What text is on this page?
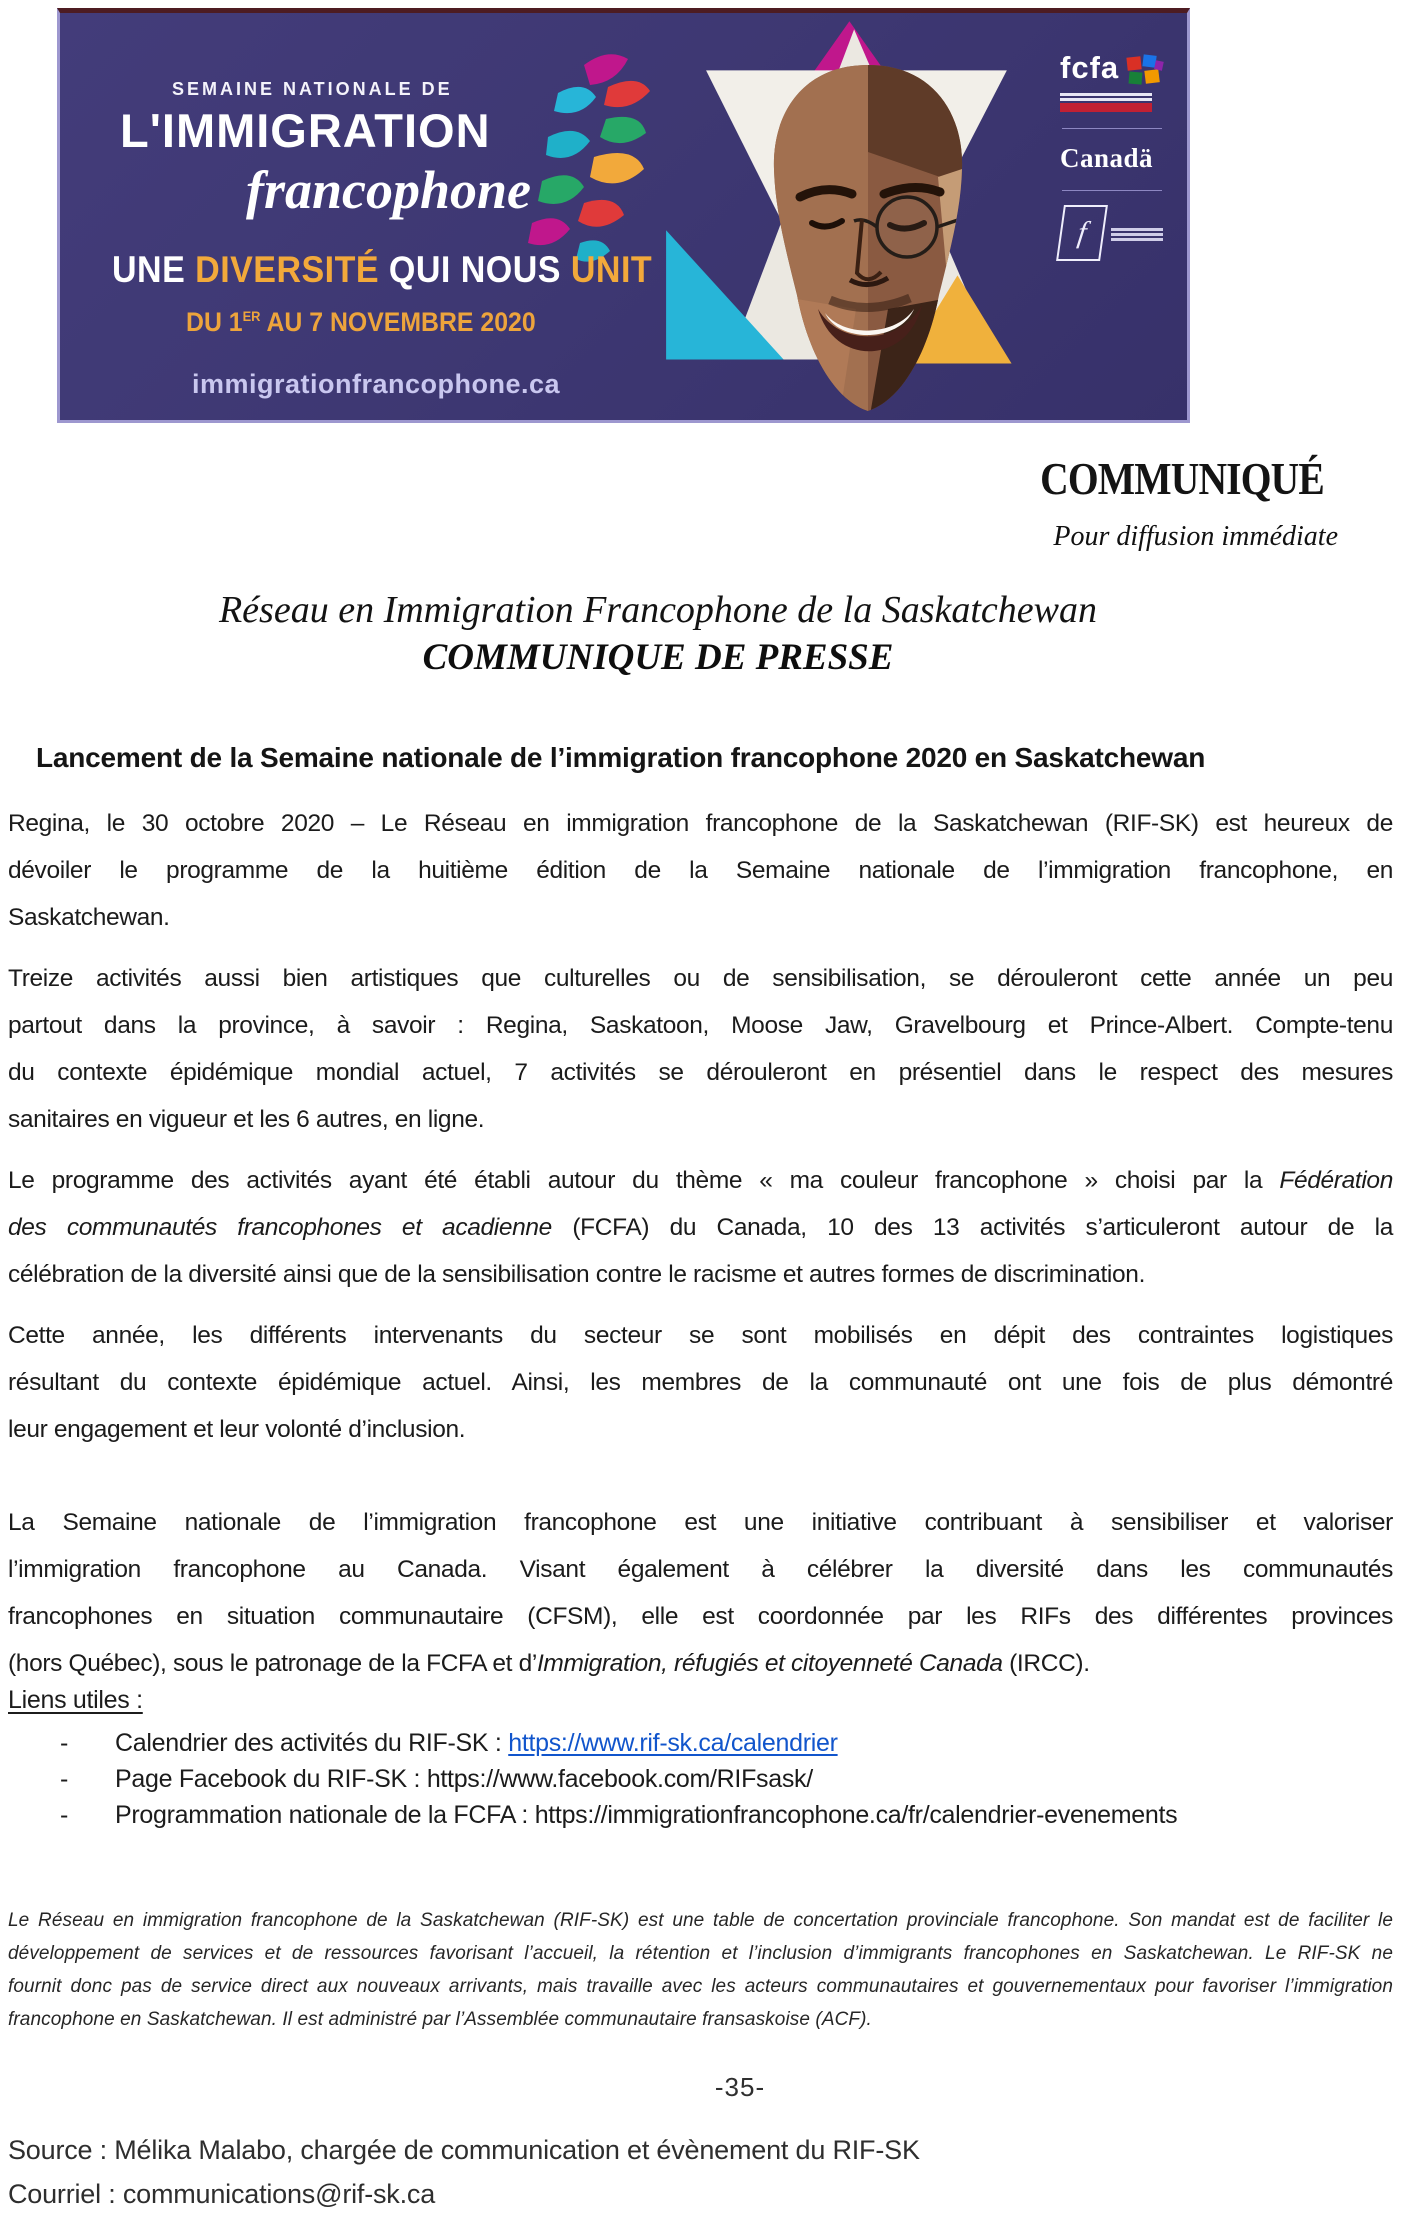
SEMAINE NATIONALE DE
L'IMMIGRATION
francophone
UNE DIVERSITÉ QUI NOUS UNIT
DU 1ER AU 7 NOVEMBRE 2020
immigrationfrancophone.ca
fcfa
Canadä
f
COMMUNIQUÉ
Pour diffusion immédiate
Réseau en Immigration Francophone de la Saskatchewan
COMMUNIQUE DE PRESSE
Lancement de la Semaine nationale de l’immigration francophone 2020 en Saskatchewan
Regina, le 30 octobre 2020 – Le Réseau en immigration francophone de la Saskatchewan (RIF-SK) est heureux de
dévoiler le programme de la huitième édition de la Semaine nationale de l’immigration francophone, en
Saskatchewan.
Treize activités aussi bien artistiques que culturelles ou de sensibilisation, se dérouleront cette année un peu
partout dans la province, à savoir : Regina, Saskatoon, Moose Jaw, Gravelbourg et Prince-Albert. Compte-tenu
du contexte épidémique mondial actuel, 7 activités se dérouleront en présentiel dans le respect des mesures
sanitaires en vigueur et les 6 autres, en ligne.
Le programme des activités ayant été établi autour du thème « ma couleur francophone » choisi par la Fédération
des communautés francophones et acadienne (FCFA) du Canada, 10 des 13 activités s’articuleront autour de la
célébration de la diversité ainsi que de la sensibilisation contre le racisme et autres formes de discrimination.
Cette année, les différents intervenants du secteur se sont mobilisés en dépit des contraintes logistiques
résultant du contexte épidémique actuel. Ainsi, les membres de la communauté ont une fois de plus démontré
leur engagement et leur volonté d’inclusion.
La Semaine nationale de l’immigration francophone est une initiative contribuant à sensibiliser et valoriser
l’immigration francophone au Canada. Visant également à célébrer la diversité dans les communautés
francophones en situation communautaire (CFSM), elle est coordonnée par les RIFs des différentes provinces
(hors Québec), sous le patronage de la FCFA et d’Immigration, réfugiés et citoyenneté Canada (IRCC).
Liens utiles :
- Calendrier des activités du RIF-SK : https://www.rif-sk.ca/calendrier
- Page Facebook du RIF-SK : https://www.facebook.com/RIFsask/
- Programmation nationale de la FCFA : https://immigrationfrancophone.ca/fr/calendrier-evenements
Le Réseau en immigration francophone de la Saskatchewan (RIF-SK) est une table de concertation provinciale francophone. Son mandat est de faciliter le
développement de services et de ressources favorisant l’accueil, la rétention et l’inclusion d’immigrants francophones en Saskatchewan. Le RIF-SK ne
fournit donc pas de service direct aux nouveaux arrivants, mais travaille avec les acteurs communautaires et gouvernementaux pour favoriser l’immigration
francophone en Saskatchewan. Il est administré par l’Assemblée communautaire fransaskoise (ACF).
-35-
Source : Mélika Malabo, chargée de communication et évènement du RIF-SK
Courriel : communications@rif-sk.ca
